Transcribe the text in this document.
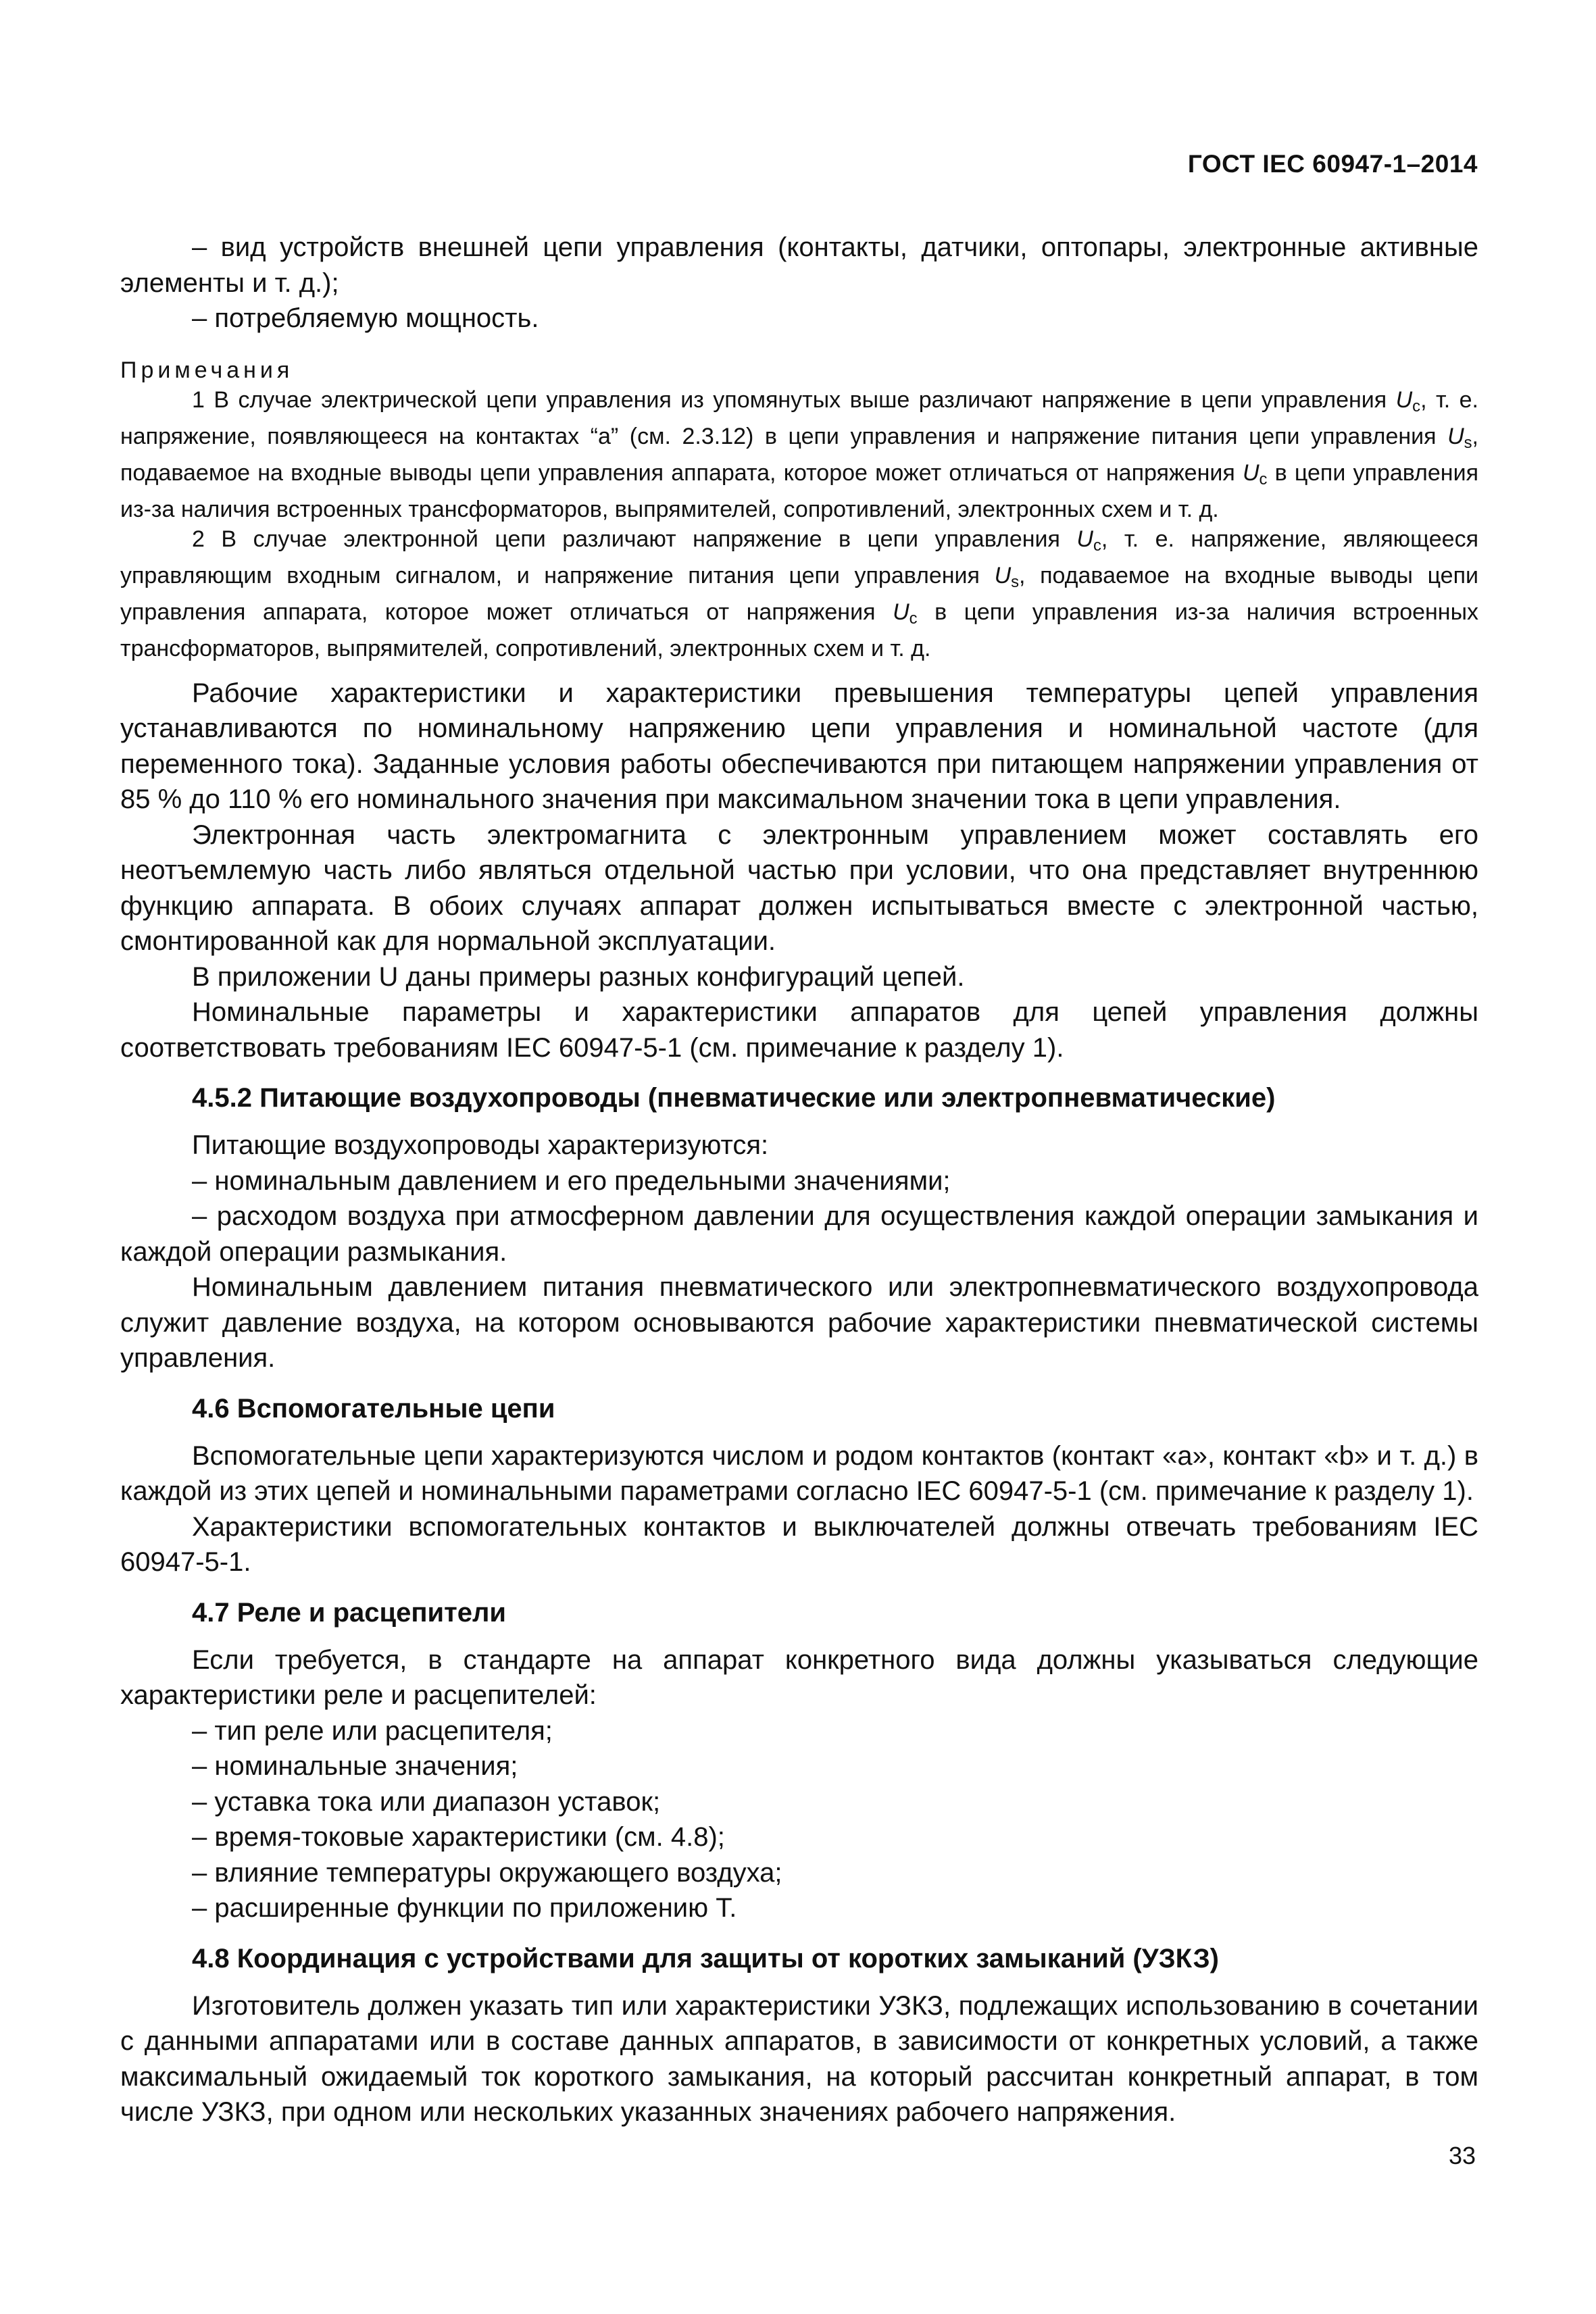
ГОСТ IEC 60947-1–2014

– вид устройств внешней цепи управления (контакты, датчики, оптопары, электронные активные элементы и т. д.);

– потребляемую мощность.

Примечания

1 В случае электрической цепи управления из упомянутых выше различают напряжение в цепи управления $U_c$, т. е. напряжение, появляющееся на контактах “a” (см. 2.3.12) в цепи управления и напряжение питания цепи управления $U_s$, подаваемое на входные выводы цепи управления аппарата, которое может отличаться от напряжения $U_c$ в цепи управления из-за наличия встроенных трансформаторов, выпрямителей, сопротивлений, электронных схем и т. д.

2 В случае электронной цепи различают напряжение в цепи управления $U_c$, т. е. напряжение, являющееся управляющим входным сигналом, и напряжение питания цепи управления $U_s$, подаваемое на входные выводы цепи управления аппарата, которое может отличаться от напряжения $U_c$ в цепи управления из-за наличия встроенных трансформаторов, выпрямителей, сопротивлений, электронных схем и т. д.

Рабочие характеристики и характеристики превышения температуры цепей управления устанавливаются по номинальному напряжению цепи управления и номинальной частоте (для переменного тока). Заданные условия работы обеспечиваются при питающем напряжении управления от 85 % до 110 % его номинального значения при максимальном значении тока в цепи управления.

Электронная часть электромагнита с электронным управлением может составлять его неотъемлемую часть либо являться отдельной частью при условии, что она представляет внутреннюю функцию аппарата. В обоих случаях аппарат должен испытываться вместе с электронной частью, смонтированной как для нормальной эксплуатации.

В приложении U даны примеры разных конфигураций цепей.

Номинальные параметры и характеристики аппаратов для цепей управления должны соответствовать требованиям IEC 60947-5-1 (см. примечание к разделу 1).

4.5.2 Питающие воздухопроводы (пневматические или электропневматические)

Питающие воздухопроводы характеризуются:

– номинальным давлением и его предельными значениями;

– расходом воздуха при атмосферном давлении для осуществления каждой операции замыкания и каждой операции размыкания.

Номинальным давлением питания пневматического или электропневматического воздухопровода служит давление воздуха, на котором основываются рабочие характеристики пневматической системы управления.

4.6 Вспомогательные цепи

Вспомогательные цепи характеризуются числом и родом контактов (контакт «a», контакт «b» и т. д.) в каждой из этих цепей и номинальными параметрами согласно IEC 60947-5-1 (см. примечание к разделу 1).

Характеристики вспомогательных контактов и выключателей должны отвечать требованиям IEC 60947-5-1.

4.7 Реле и расцепители

Если требуется, в стандарте на аппарат конкретного вида должны указываться следующие характеристики реле и расцепителей:

– тип реле или расцепителя;

– номинальные значения;

– уставка тока или диапазон уставок;

– время-токовые характеристики (см. 4.8);

– влияние температуры окружающего воздуха;

– расширенные функции по приложению Т.

4.8 Координация с устройствами для защиты от коротких замыканий (УЗКЗ)

Изготовитель должен указать тип или характеристики УЗКЗ, подлежащих использованию в сочетании с данными аппаратами или в составе данных аппаратов, в зависимости от конкретных условий, а также максимальный ожидаемый ток короткого замыкания, на который рассчитан конкретный аппарат, в том числе УЗКЗ, при одном или нескольких указанных значениях рабочего напряжения.

33
